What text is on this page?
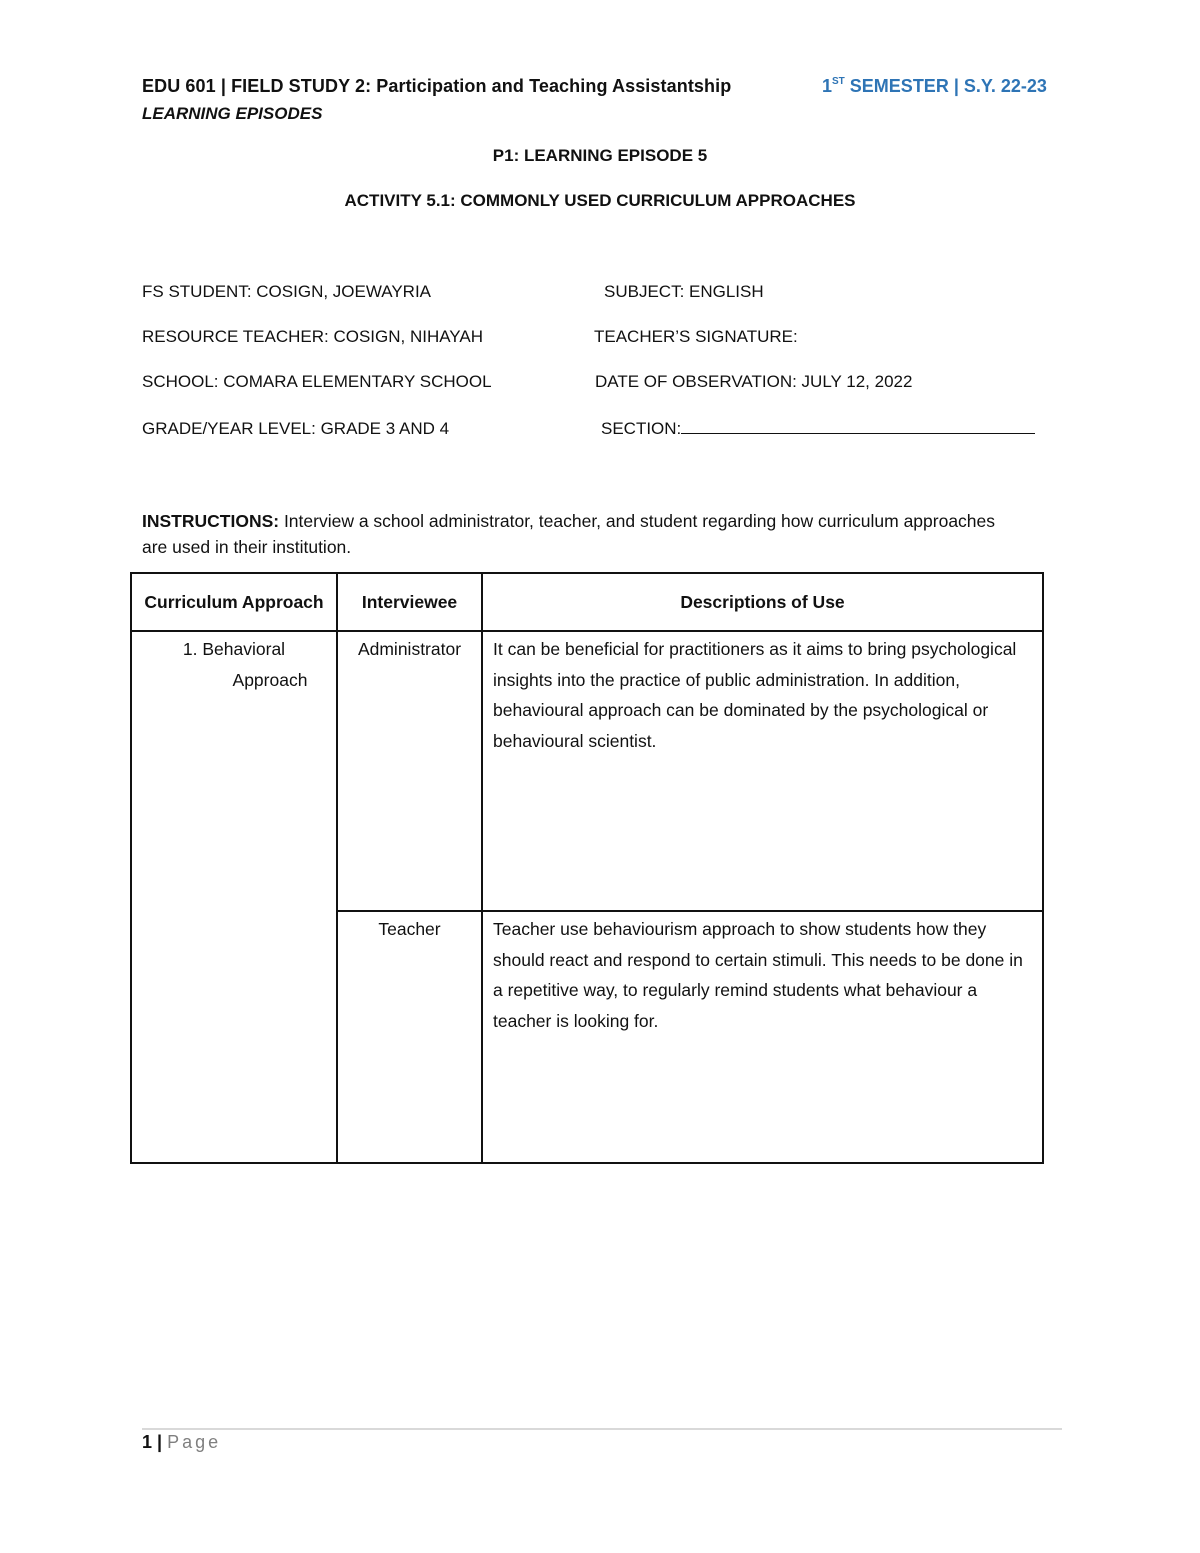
EDU 601 | FIELD STUDY 2: Participation and Teaching Assistantship
LEARNING EPISODES
1ST SEMESTER | S.Y. 22-23
P1: LEARNING EPISODE 5
ACTIVITY 5.1: COMMONLY USED CURRICULUM APPROACHES
FS STUDENT: COSIGN, JOEWAYRIA	SUBJECT: ENGLISH
RESOURCE TEACHER: COSIGN, NIHAYAH	TEACHER’S SIGNATURE:
SCHOOL: COMARA ELEMENTARY SCHOOL	DATE OF OBSERVATION: JULY 12, 2022
GRADE/YEAR LEVEL: GRADE 3 AND 4	SECTION:
INSTRUCTIONS: Interview a school administrator, teacher, and student regarding how curriculum approaches are used in their institution.
Curriculum Approach	Interviewee	Descriptions of Use

1. Behavioral
Approach	Administrator	It can be beneficial for practitioners as it aims to bring psychological insights into the practice of public administration. In addition, behavioural approach can be dominated by the psychological or behavioural scientist.
	Teacher	Teacher use behaviourism approach to show students how they should react and respond to certain stimuli. This needs to be done in a repetitive way, to regularly remind students what behaviour a teacher is looking for.
1 | Page
